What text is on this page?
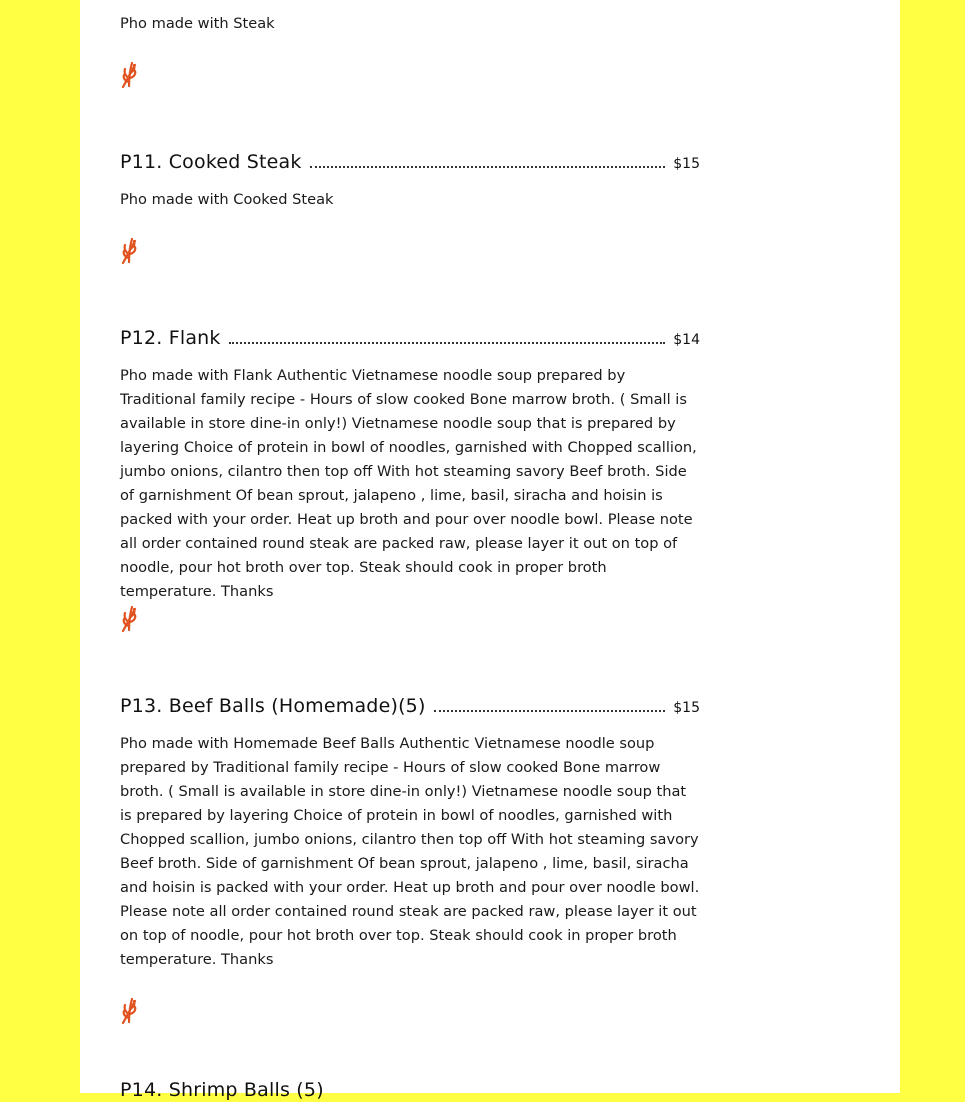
Pho made with Steak

P11. Cooked Steak	$15

Pho made with Cooked Steak

P12. Flank	$14

Pho made with Flank Authentic Vietnamese noodle soup prepared by Traditional family recipe - Hours of slow cooked Bone marrow broth. ( Small is available in store dine-in only!) Vietnamese noodle soup that is prepared by layering Choice of protein in bowl of noodles, garnished with Chopped scallion, jumbo onions, cilantro then top off With hot steaming savory Beef broth. Side of garnishment Of bean sprout, jalapeno , lime, basil, siracha and hoisin is packed with your order. Heat up broth and pour over noodle bowl. Please note all order contained round steak are packed raw, please layer it out on top of noodle, pour hot broth over top. Steak should cook in proper broth temperature. Thanks

P13. Beef Balls (Homemade)(5)	$15

Pho made with Homemade Beef Balls Authentic Vietnamese noodle soup prepared by Traditional family recipe - Hours of slow cooked Bone marrow broth. ( Small is available in store dine-in only!) Vietnamese noodle soup that is prepared by layering Choice of protein in bowl of noodles, garnished with Chopped scallion, jumbo onions, cilantro then top off With hot steaming savory Beef broth. Side of garnishment Of bean sprout, jalapeno , lime, basil, siracha and hoisin is packed with your order. Heat up broth and pour over noodle bowl. Please note all order contained round steak are packed raw, please layer it out on top of noodle, pour hot broth over top. Steak should cook in proper broth temperature. Thanks

P14. Shrimp Balls (5)
